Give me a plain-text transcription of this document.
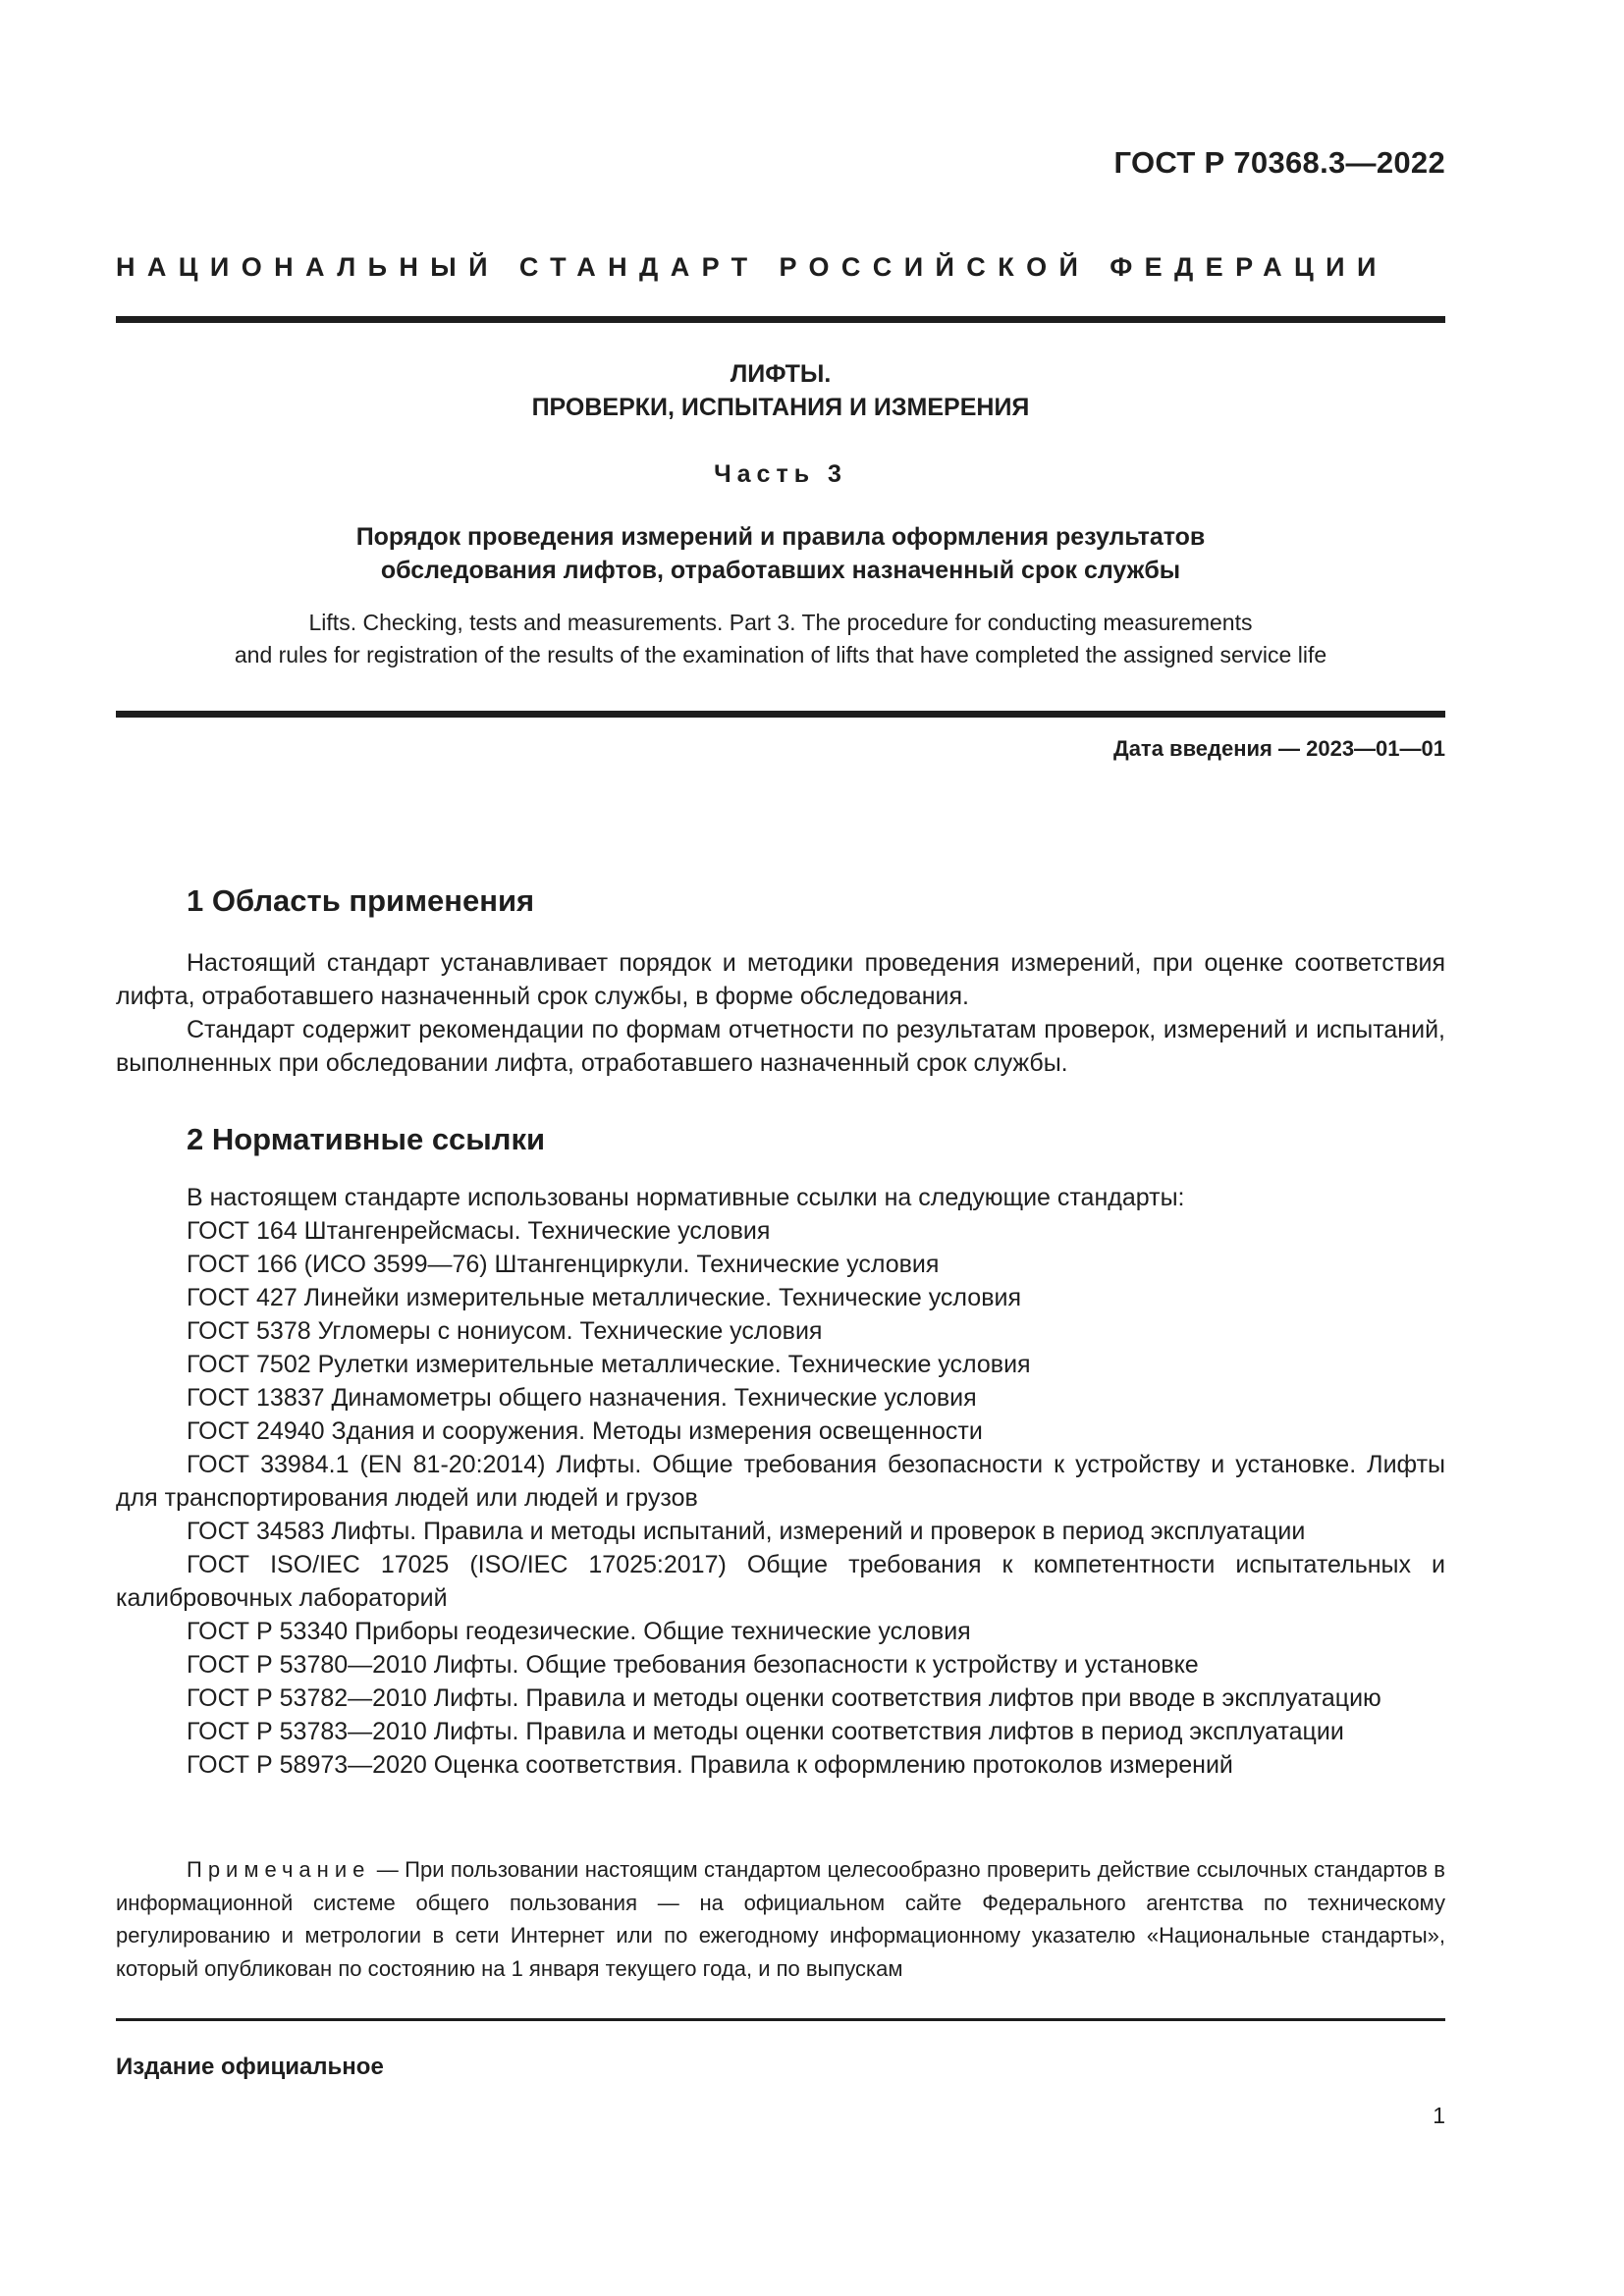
ГОСТ Р 70368.3—2022
НАЦИОНАЛЬНЫЙ СТАНДАРТ РОССИЙСКОЙ ФЕДЕРАЦИИ
ЛИФТЫ.
ПРОВЕРКИ, ИСПЫТАНИЯ И ИЗМЕРЕНИЯ
Часть 3
Порядок проведения измерений и правила оформления результатов
обследования лифтов, отработавших назначенный срок службы
Lifts. Checking, tests and measurements. Part 3. The procedure for conducting measurements
and rules for registration of the results of the examination of lifts that have completed the assigned service life
Дата введения — 2023—01—01
1 Область применения
Настоящий стандарт устанавливает порядок и методики проведения измерений, при оценке соответствия лифта, отработавшего назначенный срок службы, в форме обследования.
Стандарт содержит рекомендации по формам отчетности по результатам проверок, измерений и испытаний, выполненных при обследовании лифта, отработавшего назначенный срок службы.
2 Нормативные ссылки
В настоящем стандарте использованы нормативные ссылки на следующие стандарты:
ГОСТ 164 Штангенрейсмасы. Технические условия
ГОСТ 166 (ИСО 3599—76) Штангенциркули. Технические условия
ГОСТ 427 Линейки измерительные металлические. Технические условия
ГОСТ 5378 Угломеры с нониусом. Технические условия
ГОСТ 7502 Рулетки измерительные металлические. Технические условия
ГОСТ 13837 Динамометры общего назначения. Технические условия
ГОСТ 24940 Здания и сооружения. Методы измерения освещенности
ГОСТ 33984.1 (EN 81-20:2014) Лифты. Общие требования безопасности к устройству и установке. Лифты для транспортирования людей или людей и грузов
ГОСТ 34583 Лифты. Правила и методы испытаний, измерений и проверок в период эксплуатации
ГОСТ ISO/IEC 17025 (ISO/IEC 17025:2017) Общие требования к компетентности испытательных и калибровочных лабораторий
ГОСТ Р 53340 Приборы геодезические. Общие технические условия
ГОСТ Р 53780—2010 Лифты. Общие требования безопасности к устройству и установке
ГОСТ Р 53782—2010 Лифты. Правила и методы оценки соответствия лифтов при вводе в эксплуатацию
ГОСТ Р 53783—2010 Лифты. Правила и методы оценки соответствия лифтов в период эксплуатации
ГОСТ Р 58973—2020 Оценка соответствия. Правила к оформлению протоколов измерений
Примечание — При пользовании настоящим стандартом целесообразно проверить действие ссылочных стандартов в информационной системе общего пользования — на официальном сайте Федерального агентства по техническому регулированию и метрологии в сети Интернет или по ежегодному информационному указателю «Национальные стандарты», который опубликован по состоянию на 1 января текущего года, и по выпускам
Издание официальное
1
